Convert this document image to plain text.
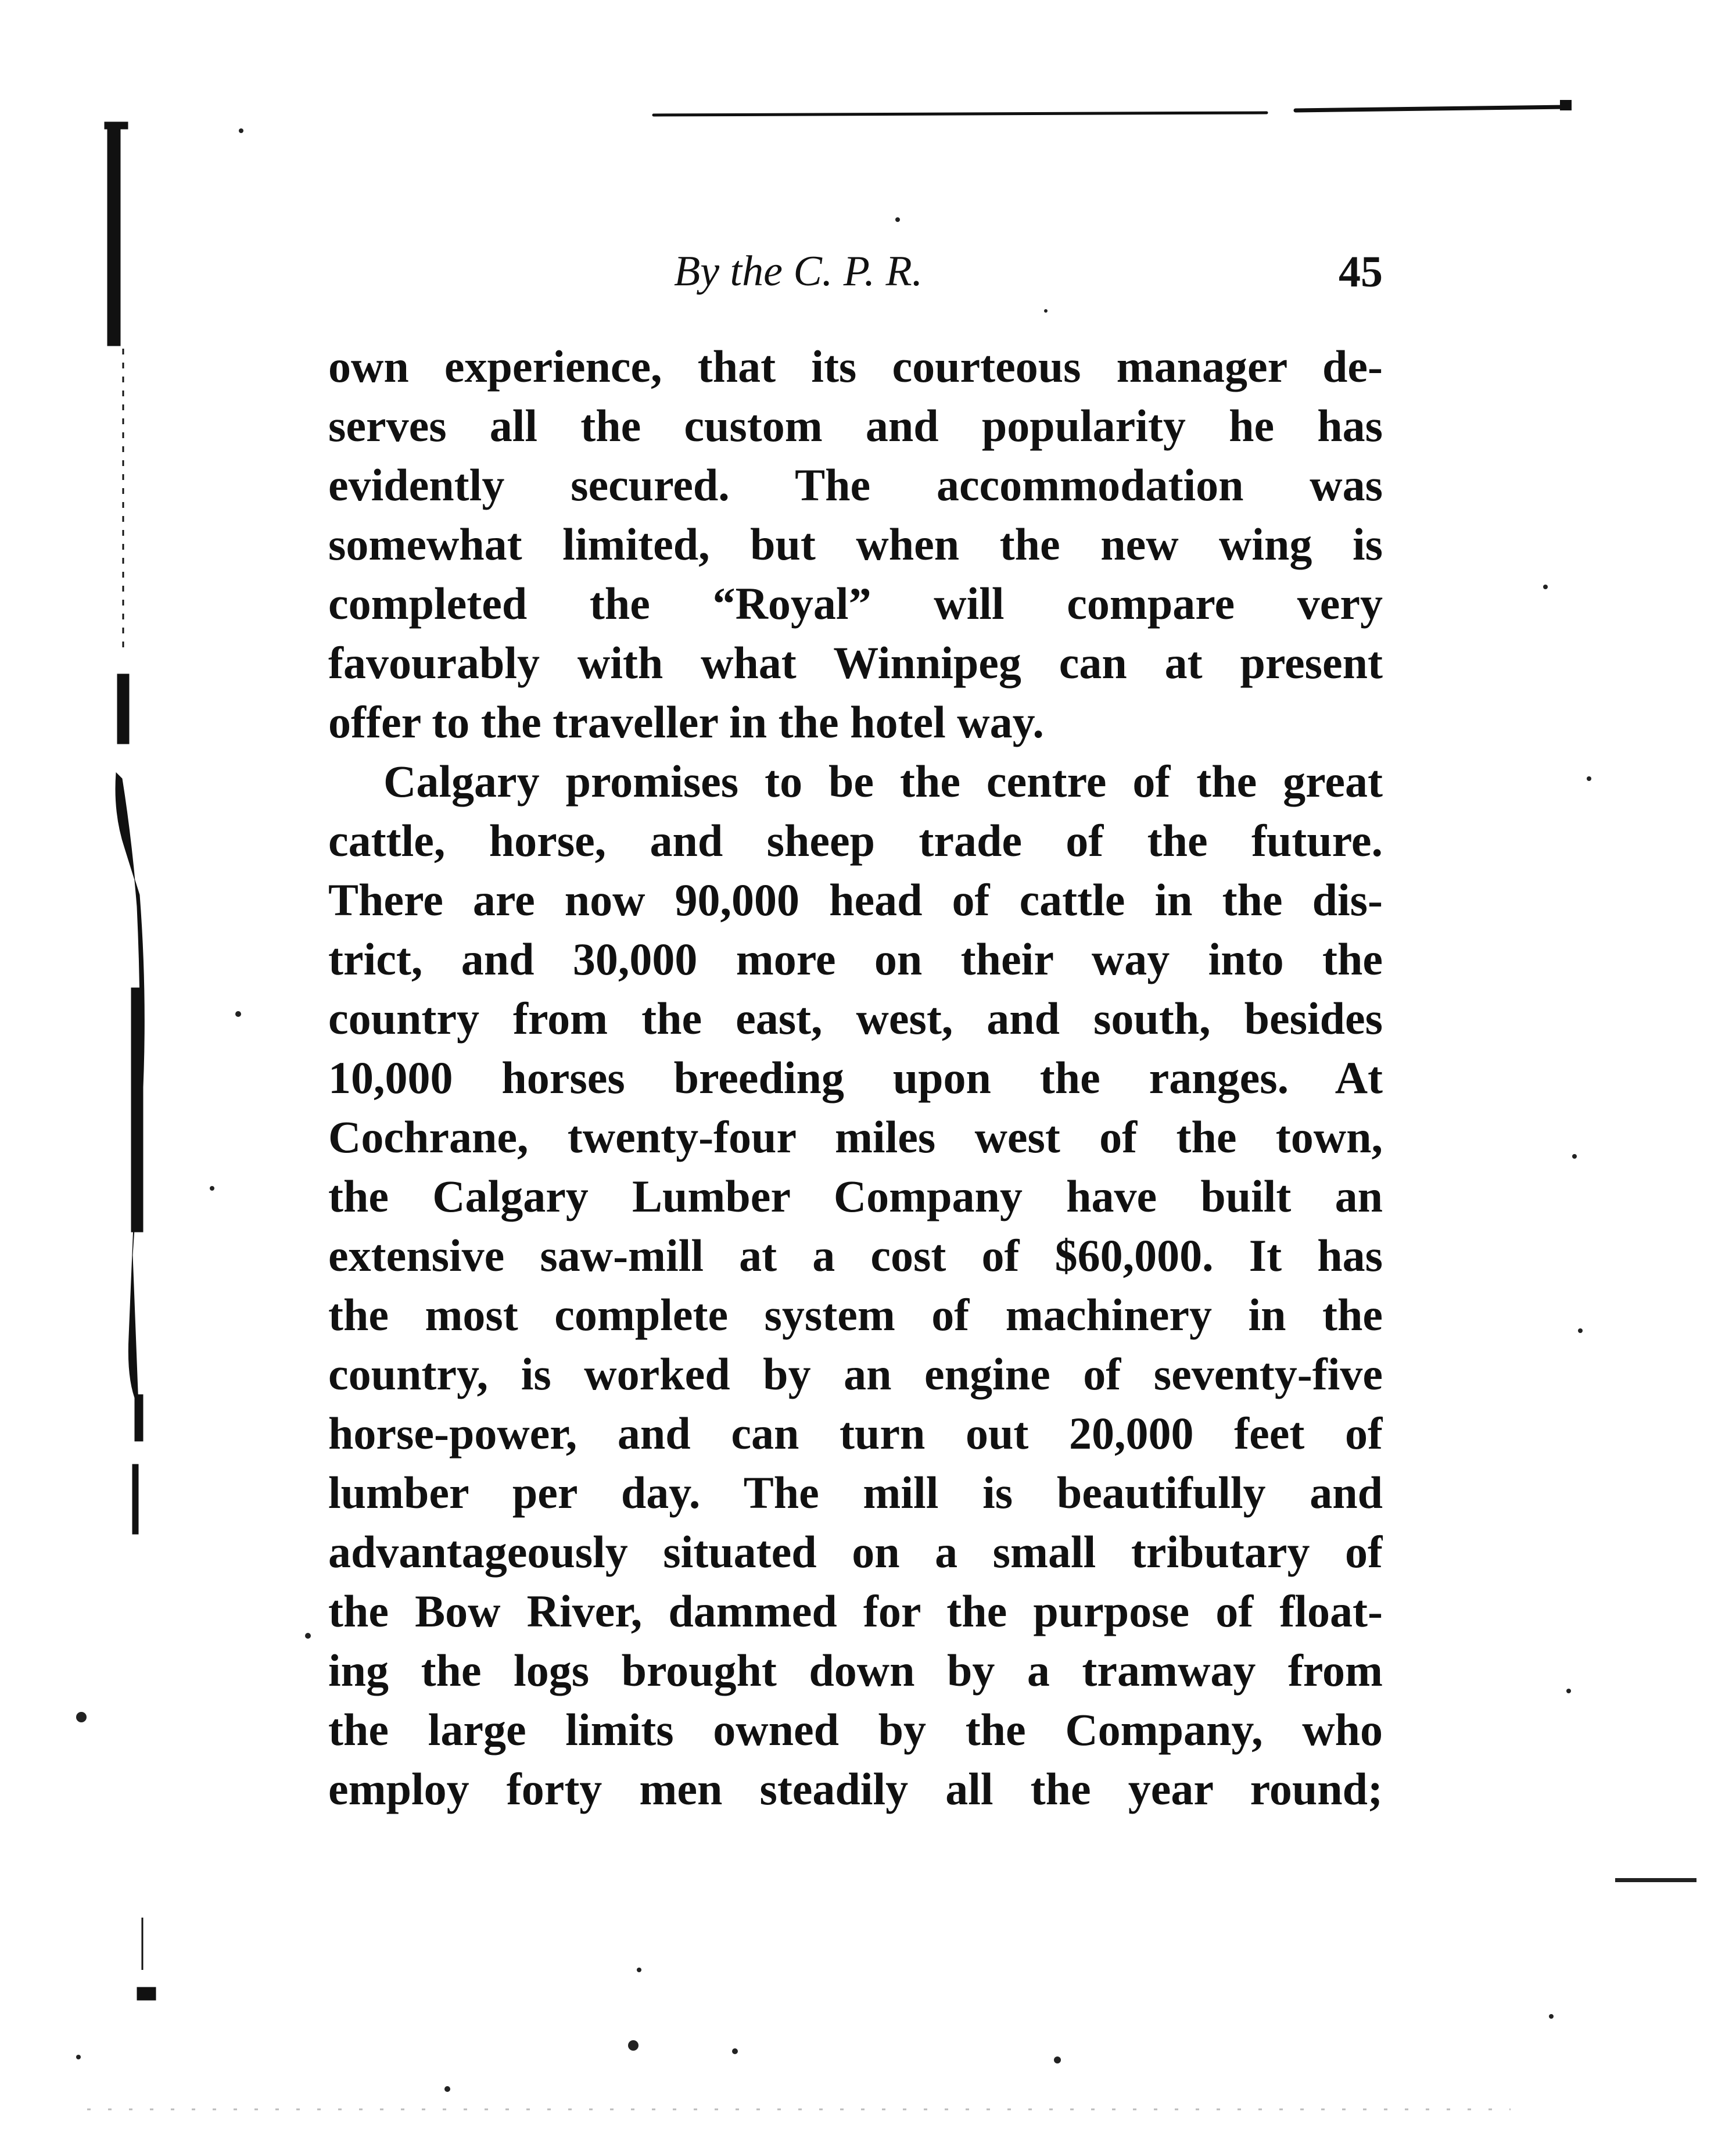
By the C. P. R.	45
own experience, that its courteous manager de-
serves all the custom and popularity he has
evidently secured. The accommodation was
somewhat limited, but when the new wing is
completed the “Royal” will compare very
favourably with what Winnipeg can at present
offer to the traveller in the hotel way.
Calgary promises to be the centre of the great
cattle, horse, and sheep trade of the future.
There are now 90,000 head of cattle in the dis-
trict, and 30,000 more on their way into the
country from the east, west, and south, besides
10,000 horses breeding upon the ranges. At
Cochrane, twenty-four miles west of the town,
the Calgary Lumber Company have built an
extensive saw-mill at a cost of $60,000. It has
the most complete system of machinery in the
country, is worked by an engine of seventy-five
horse-power, and can turn out 20,000 feet of
lumber per day. The mill is beautifully and
advantageously situated on a small tributary of
the Bow River, dammed for the purpose of float-
ing the logs brought down by a tramway from
the large limits owned by the Company, who
employ forty men steadily all the year round;
